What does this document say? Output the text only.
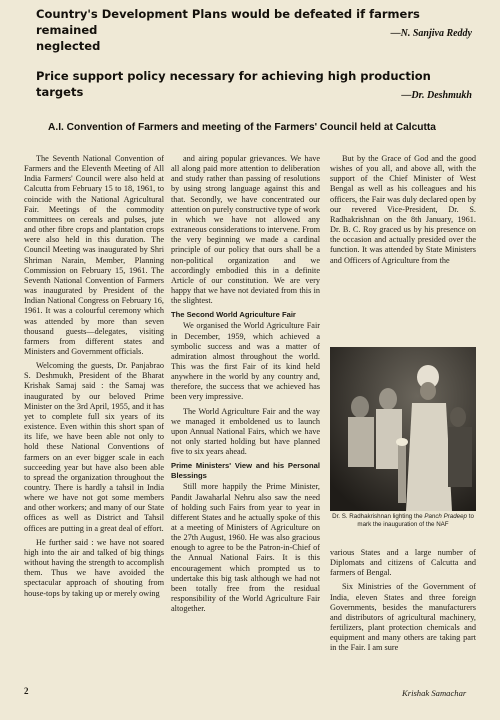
Country's Development Plans would be defeated if farmers remained
neglected
—N. Sanjiva Reddy
Price support policy necessary for achieving high production targets	—Dr. Deshmukh
A.I. Convention of Farmers and meeting of the Farmers' Council held at Calcutta

The Seventh National Convention of Farmers and the Eleventh Meeting of All India Farmers' Council were also held at Calcutta from February 15 to 18, 1961, to coincide with the National Agricultural Fair. Meetings of the commodity committees on cereals and pulses, jute and other fibre crops and plantation crops were also held in this duration. The Council Meeting was inaugurated by Shri Shriman Narain, Member, Planning Commission on February 15, 1961. The Seventh National Convention of Farmers was inaugurated by President of the Indian National Congress on February 16, 1961. It was a colourful ceremony which was attended by more than seven thousand guests—delegates, visiting farmers from different states and Ministers and Government officials.

Welcoming the guests, Dr. Panjabrao S. Deshmukh, President of the Bharat Krishak Samaj said : the Samaj was inaugurated by our beloved Prime Minister on the 3rd April, 1955, and it has yet to complete full six years of its existence. Even within this short span of its life, we have been able not only to hold these National Conventions of farmers on an ever bigger scale in each succeeding year but have also been able to spread the organization throughout the country. There is hardly a tahsil in India where we have not got some members and other workers; and many of our State offices as well as District and Tahsil offices are putting in a great deal of effort.

He further said : we have not soared high into the air and talked of big things without having the strength to accomplish them. Thus we have avoided the spectacular approach of shouting from house-tops by taking up or merely owing

and airing popular grievances. We have all along paid more attention to deliberation and study rather than passing of resolutions by using strong language against this and that. Secondly, we have concentrated our attention on purely constructive type of work in which we have not allowed any extraneous considerations to intervene. From the very beginning we made a cardinal principle of our policy that ours shall be a non-political organization and we accordingly embodied this in a definite Article of our constitution. We are very happy that we have not deviated from this in the slightest.

The Second World Agriculture Fair

We organised the World Agriculture Fair in December, 1959, which achieved a symbolic success and was a matter of admiration almost throughout the world. This was the first Fair of its kind held anywhere in the world by any country and, therefore, the success that we achieved has been very impressive.

The World Agriculture Fair and the way we managed it emboldened us to launch upon Annual National Fairs, which we have not only started holding but have planned five to six years ahead.

Prime Ministers' View and his Personal Blessings

Still more happily the Prime Minister, Pandit Jawaharlal Nehru also saw the need of holding such Fairs from year to year in different States and he actually spoke of this at a meeting of Ministers of Agriculture on the 27th August, 1960. He was also gracious enough to agree to be the Patron-in-Chief of the Annual National Fairs. It is this encouragement which prompted us to undertake this big task although we had not been totally free from the residual responsibility of the World Agriculture Fair altogether.

But by the Grace of God and the good wishes of you all, and above all, with the support of the Chief Minister of West Bengal as well as his colleagues and his officers, the Fair was duly declared open by our revered Vice-President, Dr. S. Radhakrishnan on the 8th January, 1961. Dr. B. C. Roy graced us by his presence on the occasion and actually presided over the function. It was attended by State Ministers and Officers of Agriculture from the

Dr. S. Radhakrishnan lighting the Panch Pradeep to mark the inauguration of the NAF

various States and a large number of Diplomats and citizens of Calcutta and farmers of Bengal.

Six Ministries of the Government of India, eleven States and three foreign Governments, besides the manufacturers and distributors of agricultural machinery, fertilizers, plant protection chemicals and equipment and many others are taking part in the Fair. I am sure

2	Krishak Samachar
